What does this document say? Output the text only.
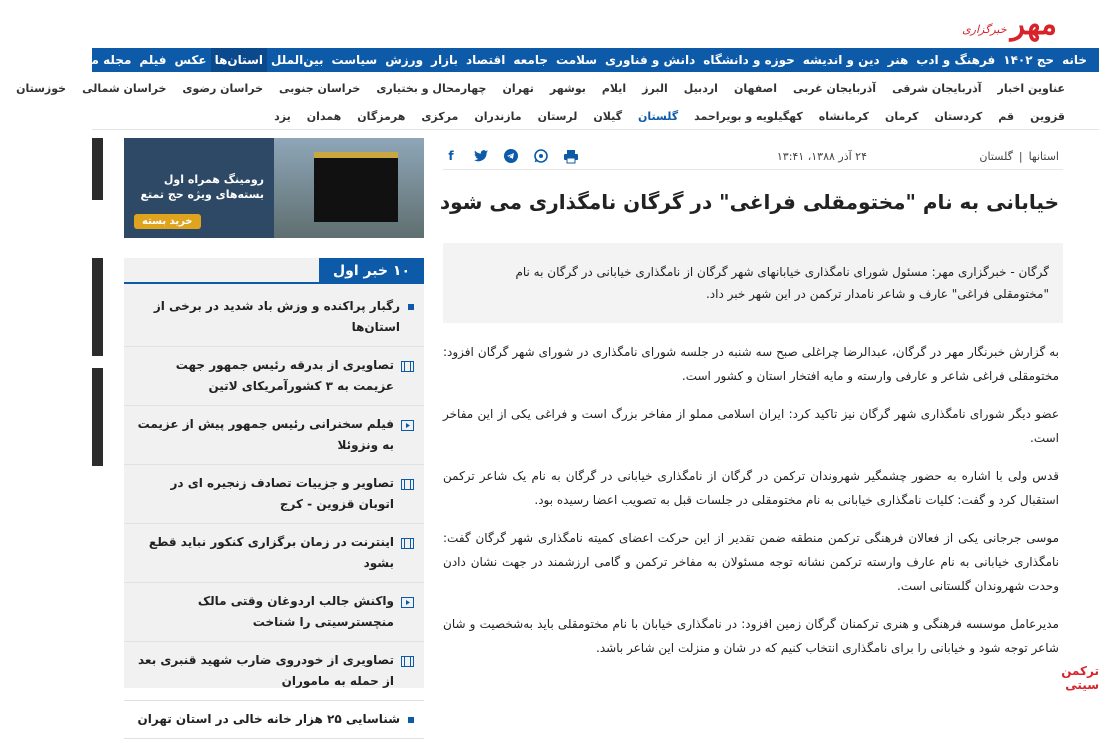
مهر
خبرگزاری
خانه
حج ۱۴۰۲
فرهنگ و ادب
هنر
دین و اندیشه
حوزه و دانشگاه
دانش و فناوری
سلامت
جامعه
اقتصاد
بازار
ورزش
سیاست
بین‌الملل
استان‌ها
عکس
فیلم
مجله مهر
عناوین اخبار
آذربایجان شرقی
آذربایجان غربی
اصفهان
اردبیل
البرز
ایلام
بوشهر
تهران
چهارمحال و بختیاری
خراسان جنوبی
خراسان رضوی
خراسان شمالی
خوزستان
قزوین
قم
کردستان
کرمان
کرمانشاه
کهگیلویه و بویراحمد
گلستان
گیلان
لرستان
مازندران
مرکزی
هرمزگان
همدان
یزد
استانها
|
گلستان
۲۴ آذر ۱۳۸۸، ۱۳:۴۱
f
خیابانی به نام "مختومقلی فراغی" در گرگان نامگذاری می شود
گرگان - خبرگزاری مهر: مسئول شورای نامگذاری خیابانهای شهر گرگان از نامگذاری خیابانی در گرگان به نام "مختومقلی فراغی" عارف و شاعر نامدار ترکمن در این شهر خبر داد.

به گزارش خبرنگار مهر در گرگان، عبدالرضا چراغلی صبح سه شنبه در جلسه شورای نامگذاری در شورای شهر گرگان افزود: مختومقلی فراغی شاعر و عارفی وارسته و مایه افتخار استان و کشور است.

عضو دیگر شورای نامگذاری شهر گرگان نیز تاکید کرد: ایران اسلامی مملو از مفاخر بزرگ است و فراغی یکی از این مفاخر است.

قدس ولی با اشاره به حضور چشمگیر شهروندان ترکمن در گرگان از نامگذاری خیابانی در گرگان به نام یک شاعر ترکمن استقبال کرد و گفت: کلیات نامگذاری خیابانی به نام مختومقلی در جلسات قبل به تصویب اعضا رسیده بود.

موسی جرجانی یکی از فعالان فرهنگی ترکمن منطقه ضمن تقدیر از این حرکت اعضای کمیته نامگذاری شهر گرگان گفت: نامگذاری خیابانی به نام عارف وارسته ترکمن نشانه توجه مسئولان به مفاخر ترکمن و گامی ارزشمند در جهت نشان دادن وحدت شهروندان گلستانی است.

مدیرعامل موسسه فرهنگی و هنری ترکمنان گرگان زمین افزود: در نامگذاری خیابان با نام مختومقلی باید به‌شخصیت و شان شاعر توجه شود و خیابانی را برای نامگذاری انتخاب کنیم که در شان و منزلت این شاعر باشد.

رومینگ همراه اول
بسته‌های ویژه حج تمتع
خرید بسته
۱۰ خبر اول
رگبار پراکنده و وزش باد شدید در برخی از استان‌ها
تصاویری از بدرقه رئیس جمهور جهت عزیمت به ۳ کشورآمریکای لاتین
فیلم سخنرانی رئیس جمهور پیش از عزیمت به ونزوئلا
تصاویر و جزییات تصادف زنجیره ای در اتوبان قزوین - کرج
اینترنت در زمان برگزاری کنکور نباید قطع بشود
واکنش جالب اردوغان وقتی مالک منچسترسیتی را شناخت
تصاویری از خودروی ضارب شهید قنبری بعد از حمله به ماموران
شناسایی ۲۵ هزار خانه خالی در استان تهران
ترکمن سیتی
